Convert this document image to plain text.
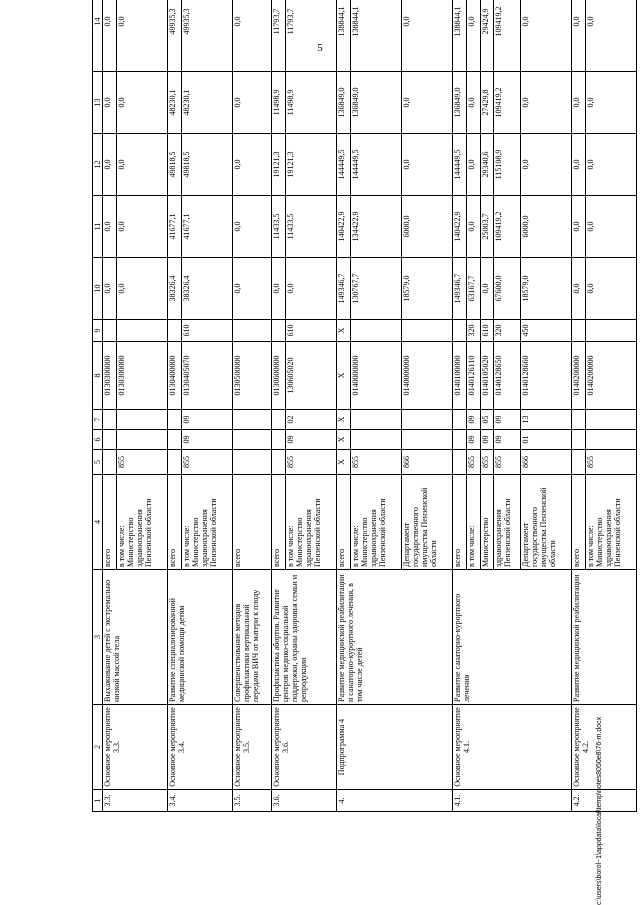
5
1	2	3	4	5	6	7	8	9	10	11	12	13	14
3.3.	Основное мероприятие 3.3.	Выхаживание детей с экстремально низкой массой тела	всего				0130300000		0,0	0,0	0,0	0,0	0,0
			в том числе: Министерство здравоохранения Пензенской области	855			0130300000		0,0	0,0	0,0	0,0	0,0
3.4.	Основное мероприятие 3.4.	Развитие специализированной медицинской помощи детям	всего				0130400000		38326,4	41677,1	49818,5	48230,1	49935,3
			в том числе: Министерство здравоохранения Пензенской области	855	09	09	0130405070	610	38326,4	41677,1	49818,5	48230,1	49935,3
3.5.	Основное мероприятие 3.5.	Совершенствование методов профилактики вертикальной передачи ВИЧ от матери к плоду	всего				0130500000		0,0	0,0	0,0	0,0	0,0
3.6.	Основное мероприятие 3.6.	Профилактика абортов. Развитие центров медико-социальной поддержки, охраны здоровья семьи и репродукции	всего				0130600000		0,0	11433,5	19121,3	11498,9	11793,7
			в том числе: Министерство здравоохранения Пензенской области	855	09	02	130605020	610	0,0	11433,5	19121,3	11498,9	11793,7
4.	Подпрограмма 4	Развитие медицинской реабилитации и санаторно-курортного лечения, в том числе детей	всего	X	X	X	X	X	149346,7	140422,9	144449,5	136849,0	138844,1
			в том числе: Министерство здравоохранения Пензенской области	855			0140000000		130767,7	134422,9	144449,5	136849,0	138844,1
			Департамент государственного имущества Пензенской области	866			0140000000		18579,0	6000,0	0,0	0,0	0,0
4.1.	Основное мероприятие 4.1.	Развитие санаторно-курортного лечения	всего				0140100000		149346,7	140422,9	144449,5	136849,0	138844,1
			в том числе:	855	09	09	0140126110	320	63167,7	0,0	0,0	0,0	0,0
			Министерство	855	09	05	0140105020	610	0,0	25003,7	29340,6	27429,8	29424,9
			здравоохранения Пензенской области	855	09	09	0140128650	320	67600,0	109419,2	115108,9	109419,2	109419,2
			Департамент государственного имущества Пензенской области	866	01	13	0140128660	450	18579,0	6000,0	0,0	0,0	0,0
4.2.	Основное мероприятие 4.2.	Развитие медицинской реабилитации	всего				0140200000		0,0	0,0	0,0	0,0	0,0
			в том числе: Министерство здравоохранения Пензенской области	855			0140200000		0,0	0,0	0,0	0,0	0,0
c:\users\borol~1\appdata\local\temp\notes8050e8\76-m.docx
